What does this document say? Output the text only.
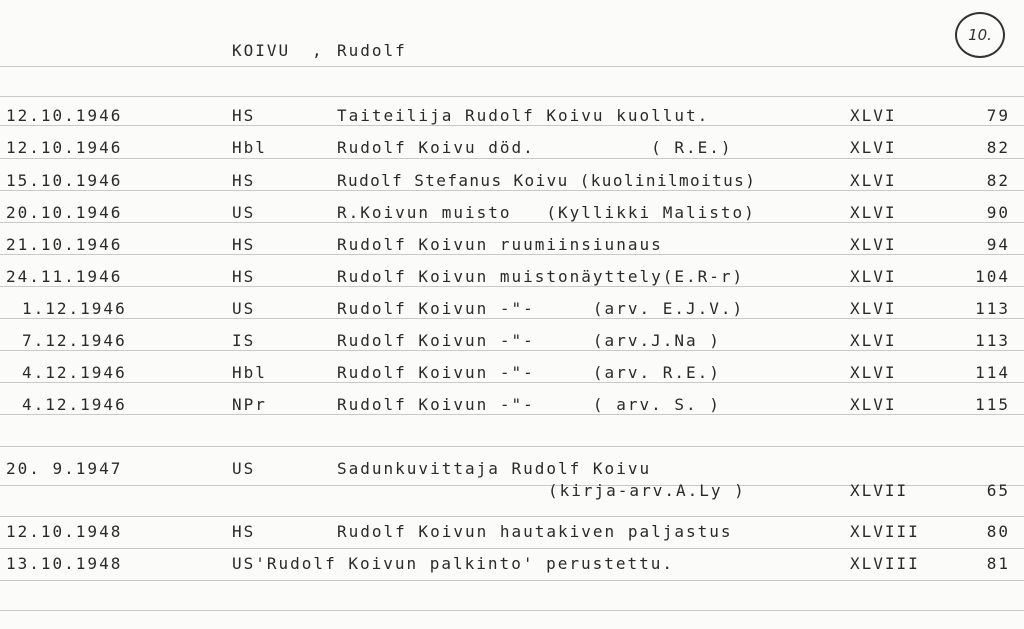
KOIVU , Rudolf
10.
12.10.1946	HS	Taiteilija Rudolf Koivu kuollut.	XLVI	79
12.10.1946	Hbl	Rudolf Koivu död.          ( R.E.)	XLVI	82
15.10.1946	HS	Rudolf Stefanus Koivu (kuolinilmoitus)	XLVI	82
20.10.1946	US	R.Koivun muisto   (Kyllikki Malisto)	XLVI	90
21.10.1946	HS	Rudolf Koivun ruumiinsiunaus	XLVI	94
24.11.1946	HS	Rudolf Koivun muistonäyttely(E.R-r)	XLVI	104
1.12.1946	US	Rudolf Koivun -"-     (arv. E.J.V.)	XLVI	113
7.12.1946	IS	Rudolf Koivun -"-     (arv.J.Na )	XLVI	113
4.12.1946	Hbl	Rudolf Koivun -"-     (arv. R.E.)	XLVI	114
4.12.1946	NPr	Rudolf Koivun -"-     ( arv. S. )	XLVI	115
20. 9.1947	US	Sadunkuvittaja Rudolf Koivu
(kirja-arv.A.Ly )	XLVII	65
12.10.1948	HS	Rudolf Koivun hautakiven paljastus	XLVIII	80
13.10.1948	US'Rudolf Koivun palkinto' perustettu.	XLVIII	81
